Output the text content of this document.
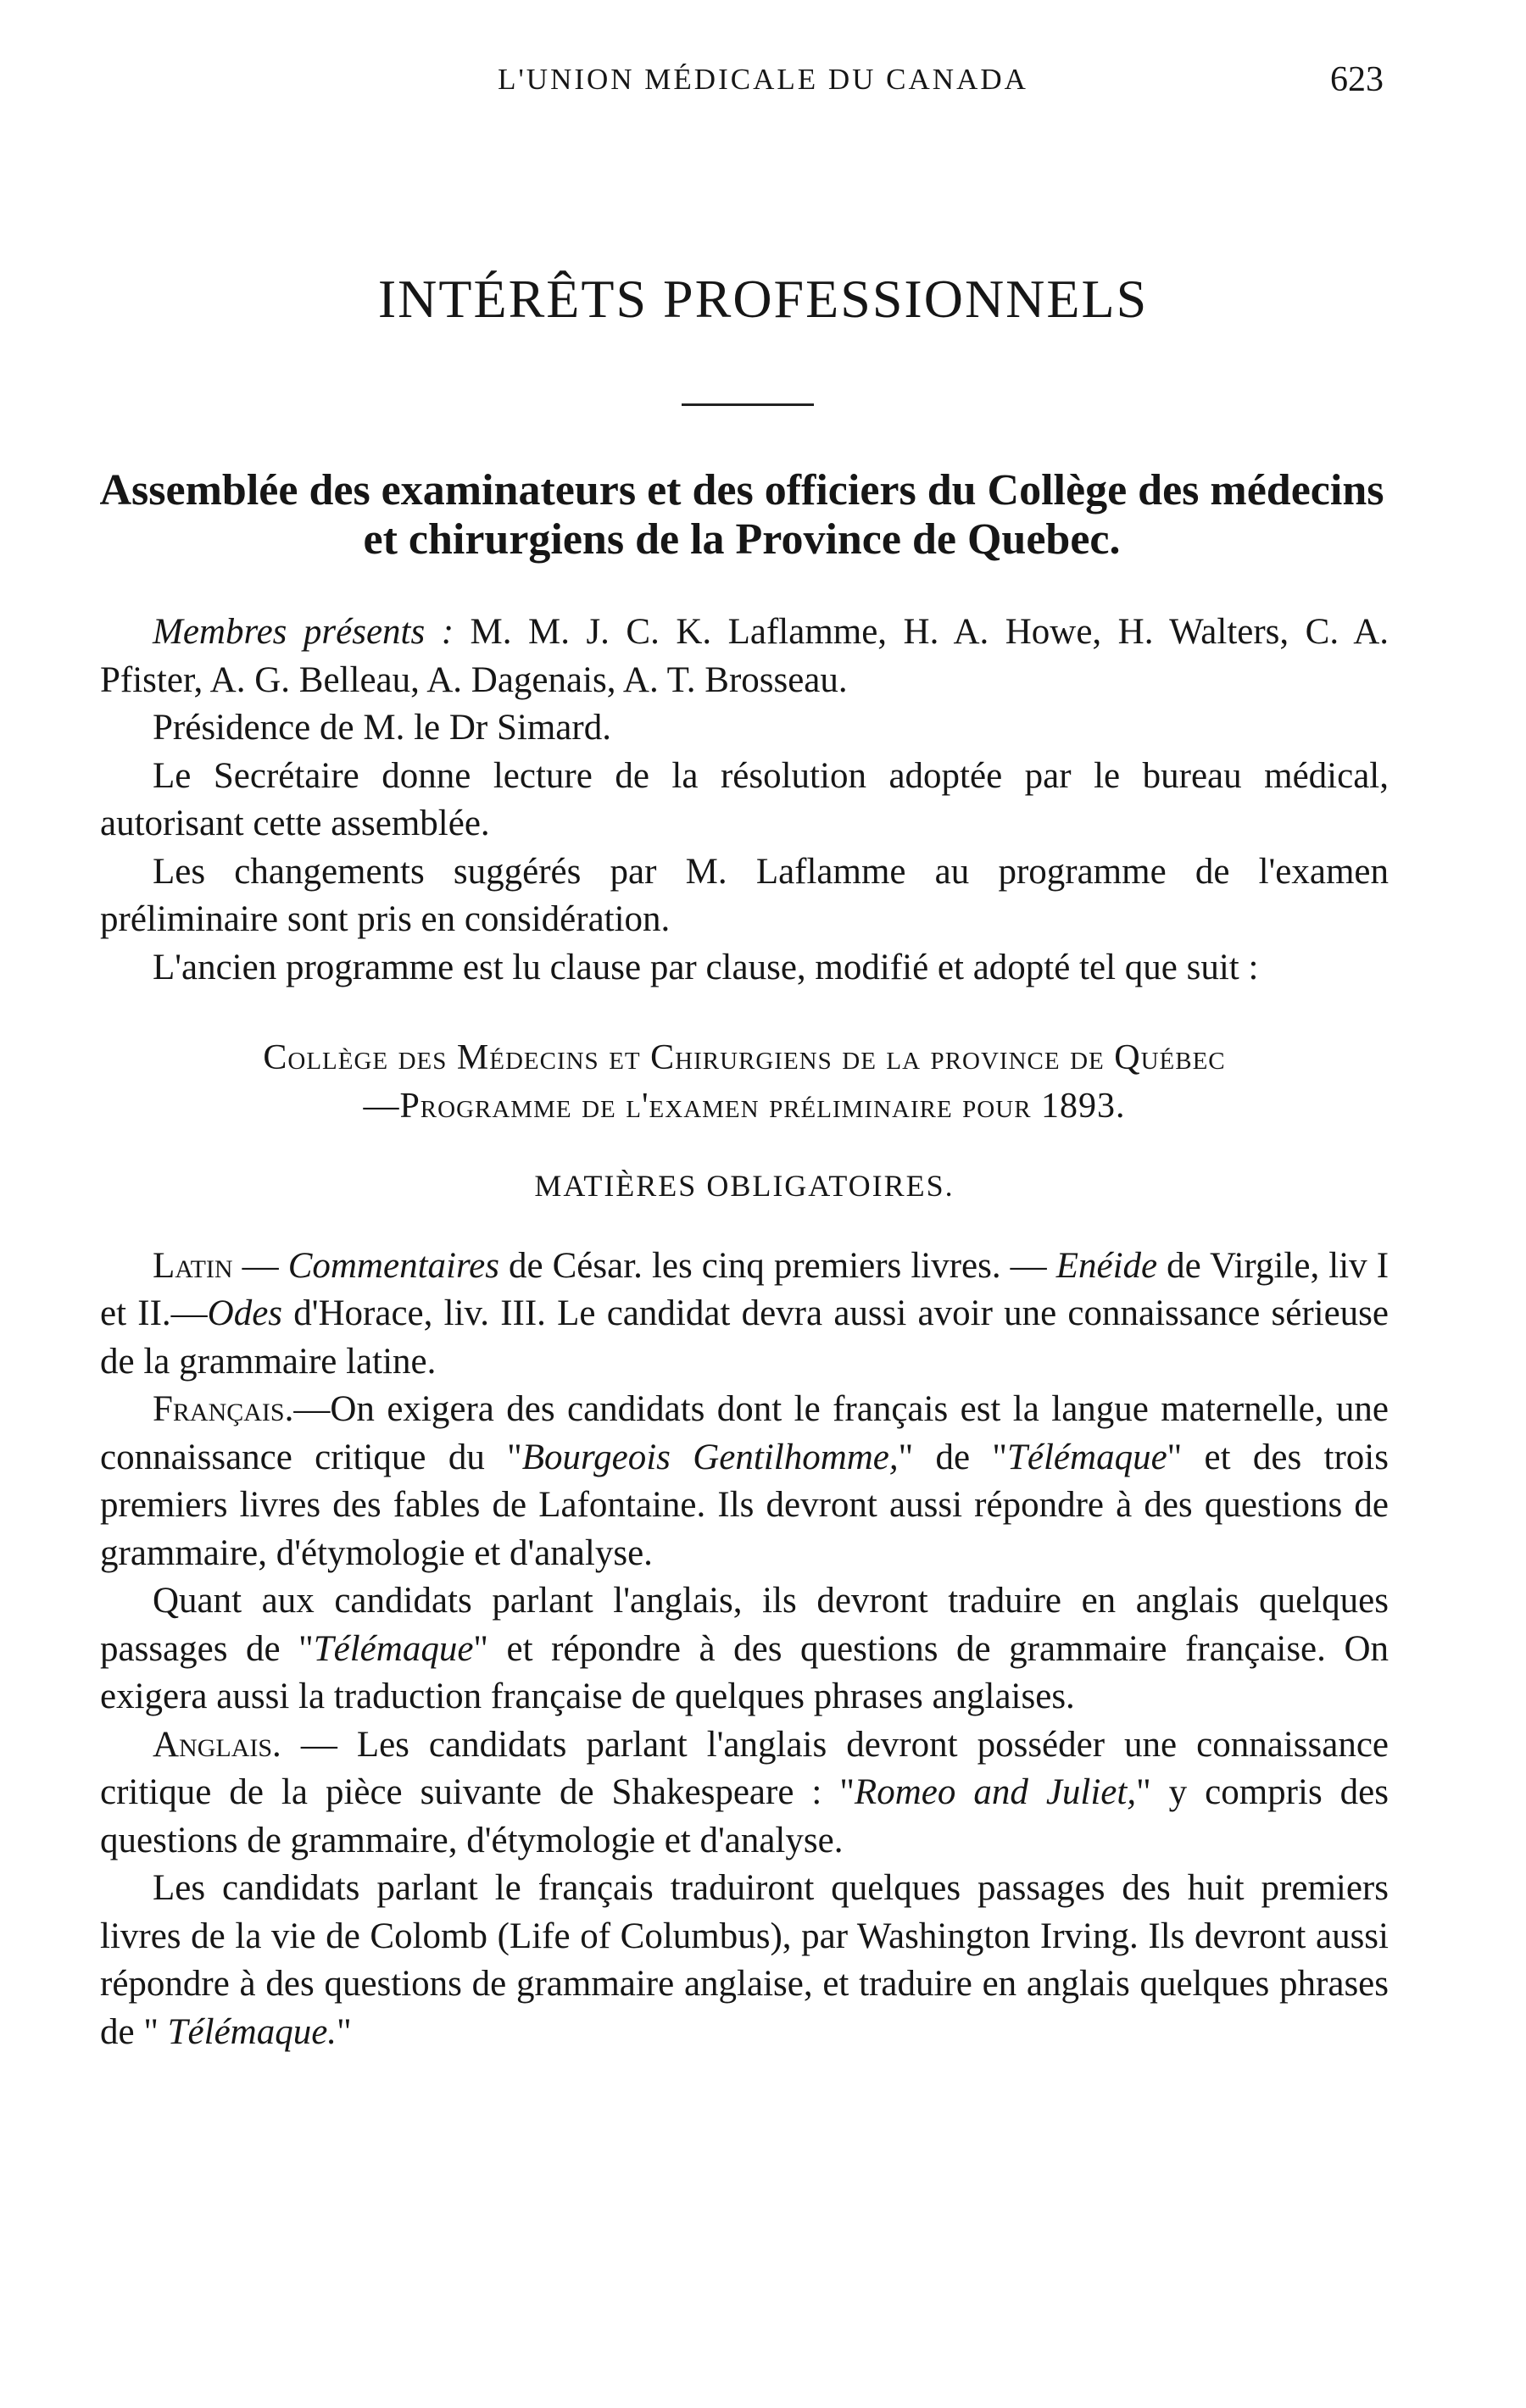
L'UNION MÉDICALE DU CANADA	623
INTÉRÊTS PROFESSIONNELS
Assemblée des examinateurs et des officiers du Collège des médecins et chirurgiens de la Province de Quebec.

Membres présents : M. M. J. C. K. Laflamme, H. A. Howe, H. Walters, C. A. Pfister, A. G. Belleau, A. Dagenais, A. T. Brosseau.

Présidence de M. le Dr Simard.

Le Secrétaire donne lecture de la résolution adoptée par le bureau médical, autorisant cette assemblée.

Les changements suggérés par M. Laflamme au programme de l'examen préliminaire sont pris en considération.

L'ancien programme est lu clause par clause, modifié et adopté tel que suit :

Collège des Médecins et Chirurgiens de la province de Québec
—Programme de l'examen préliminaire pour 1893.

MATIÈRES OBLIGATOIRES.

Latin — Commentaires de César. les cinq premiers livres. — Enéide de Virgile, liv I et II.—Odes d'Horace, liv. III. Le candidat devra aussi avoir une connaissance sérieuse de la grammaire latine.

Français.—On exigera des candidats dont le français est la langue maternelle, une connaissance critique du "Bourgeois Gentilhomme," de "Télémaque" et des trois premiers livres des fables de Lafontaine. Ils devront aussi répondre à des questions de grammaire, d'étymologie et d'analyse.

Quant aux candidats parlant l'anglais, ils devront traduire en anglais quelques passages de "Télémaque" et répondre à des questions de grammaire française. On exigera aussi la traduction française de quelques phrases anglaises.

Anglais. — Les candidats parlant l'anglais devront posséder une connaissance critique de la pièce suivante de Shakespeare : "Romeo and Juliet," y compris des questions de grammaire, d'étymologie et d'analyse.

Les candidats parlant le français traduiront quelques passages des huit premiers livres de la vie de Colomb (Life of Columbus), par Washington Irving. Ils devront aussi répondre à des questions de grammaire anglaise, et traduire en anglais quelques phrases de " Télémaque."
